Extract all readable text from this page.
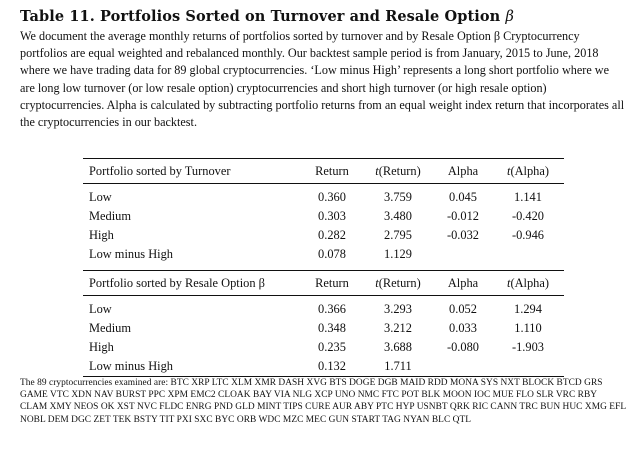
Table 11. Portfolios Sorted on Turnover and Resale Option β

We document the average monthly returns of portfolios sorted by turnover and by Resale Option β Cryptocurrency portfolios are equal weighted and rebalanced monthly. Our backtest sample period is from January, 2015 to June, 2018 where we have trading data for 89 global cryptocurrencies. ‘Low minus High’ represents a long short portfolio where we are long low turnover (or low resale option) cryptocurrencies and short high turnover (or high resale option) cryptocurrencies. Alpha is calculated by subtracting portfolio returns from an equal weight index return that incorporates all the cryptocurrencies in our backtest.

Portfolio sorted by Turnover	Return	t(Return)	Alpha	t(Alpha)

Low	0.360	3.759	0.045	1.141
Medium	0.303	3.480	-0.012	-0.420
High	0.282	2.795	-0.032	-0.946
Low minus High	0.078	1.129		

Portfolio sorted by Resale Option β	Return	t(Return)	Alpha	t(Alpha)

Low	0.366	3.293	0.052	1.294
Medium	0.348	3.212	0.033	1.110
High	0.235	3.688	-0.080	-1.903
Low minus High	0.132	1.711		
The 89 cryptocurrencies examined are: BTC XRP LTC XLM XMR DASH XVG BTS DOGE DGB MAID RDD MONA SYS NXT BLOCK BTCD GRS GAME VTC XDN NAV BURST PPC XPM EMC2 CLOAK BAY VIA NLG XCP UNO NMC FTC POT BLK MOON IOC MUE FLO SLR VRC RBY CLAM XMY NEOS OK XST NVC FLDC ENRG PND GLD MINT TIPS CURE AUR ABY PTC HYP USNBT QRK RIC CANN TRC BUN HUC XMG EFL NOBL DEM DGC ZET TEK BSTY TIT PXI SXC BYC ORB WDC MZC MEC GUN START TAG NYAN BLC QTL
